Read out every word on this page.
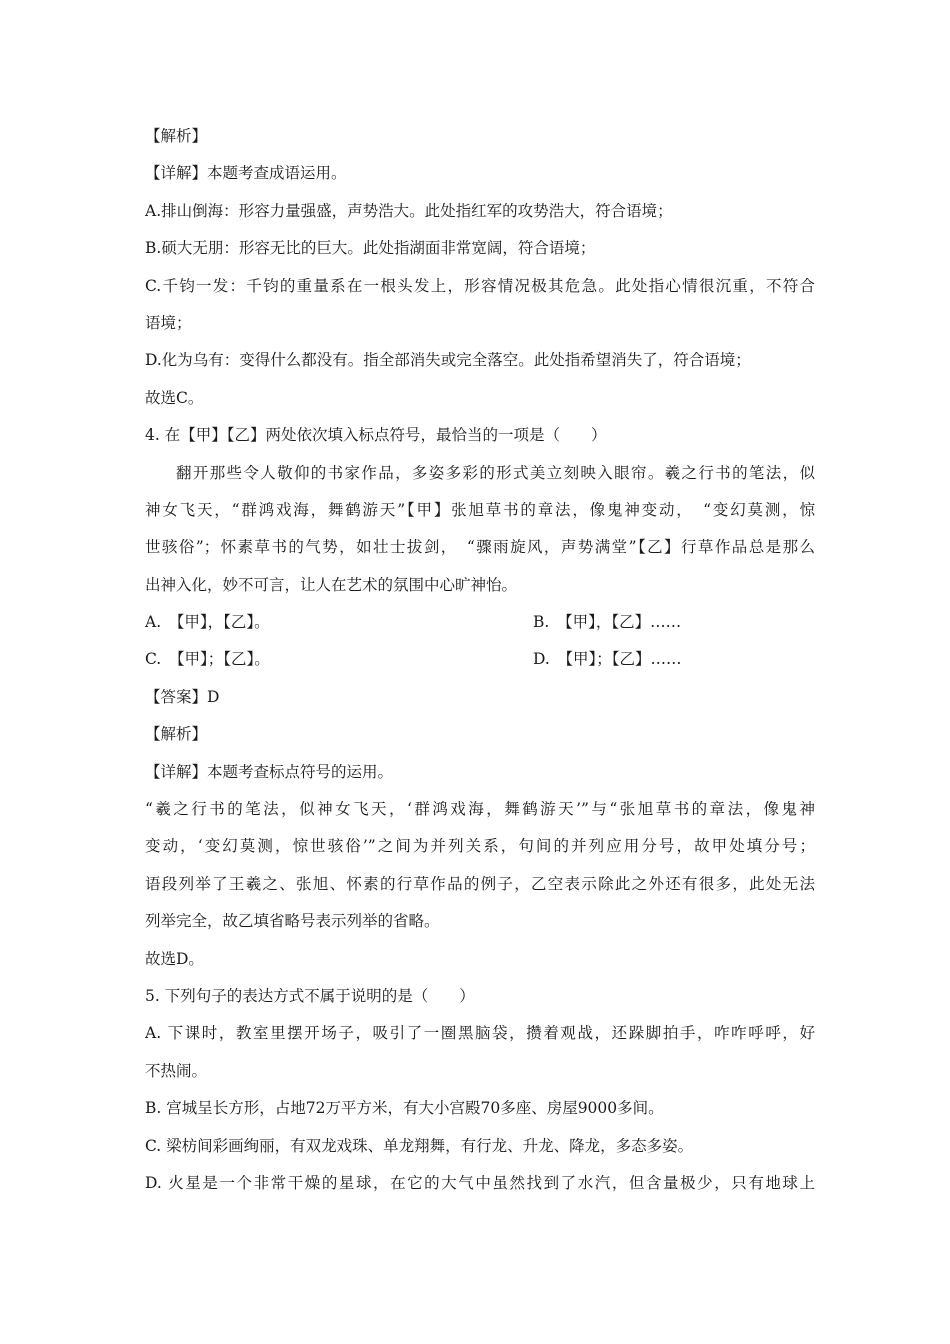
【解析】
【详解】本题考查成语运用。
A.排山倒海：形容力量强盛，声势浩大。此处指红军的攻势浩大，符合语境；
B.硕大无朋：形容无比的巨大。此处指湖面非常宽阔，符合语境；
C.千钧一发：千钧的重量系在一根头发上，形容情况极其危急。此处指心情很沉重，不符合
语境；
D.化为乌有：变得什么都没有。指全部消失或完全落空。此处指希望消失了，符合语境；
故选C。
4. 在【甲】【乙】两处依次填入标点符号，最恰当的一项是（　　）
翻开那些令人敬仰的书家作品，多姿多彩的形式美立刻映入眼帘。羲之行书的笔法，似
神女飞天，“群鸿戏海，舞鹤游天”【甲】张旭草书的章法，像鬼神变动，　“变幻莫测，惊
世骇俗”；怀素草书的气势，如壮士拔剑，　“骤雨旋风，声势满堂”【乙】行草作品总是那么
出神入化，妙不可言，让人在艺术的氛围中心旷神怡。
A.　【甲】，【乙】。	B.　【甲】，【乙】……
C.　【甲】；【乙】。	D.　【甲】；【乙】……
【答案】D
【解析】
【详解】本题考查标点符号的运用。
“羲之行书的笔法，似神女飞天，‘群鸿戏海，舞鹤游天’”与“张旭草书的章法，像鬼神
变动，‘变幻莫测，惊世骇俗’”之间为并列关系，句间的并列应用分号，故甲处填分号；
语段列举了王羲之、张旭、怀素的行草作品的例子，乙空表示除此之外还有很多，此处无法
列举完全，故乙填省略号表示列举的省略。
故选D。
5. 下列句子的表达方式不属于说明的是（　　）
A. 下课时，教室里摆开场子，吸引了一圈黑脑袋，攒着观战，还跺脚拍手，咋咋呼呼，好
不热闹。
B. 宫城呈长方形，占地72万平方米，有大小宫殿70多座、房屋9000多间。
C. 梁枋间彩画绚丽，有双龙戏珠、单龙翔舞，有行龙、升龙、降龙，多态多姿。
D. 火星是一个非常干燥的星球，在它的大气中虽然找到了水汽，但含量极少，只有地球上
